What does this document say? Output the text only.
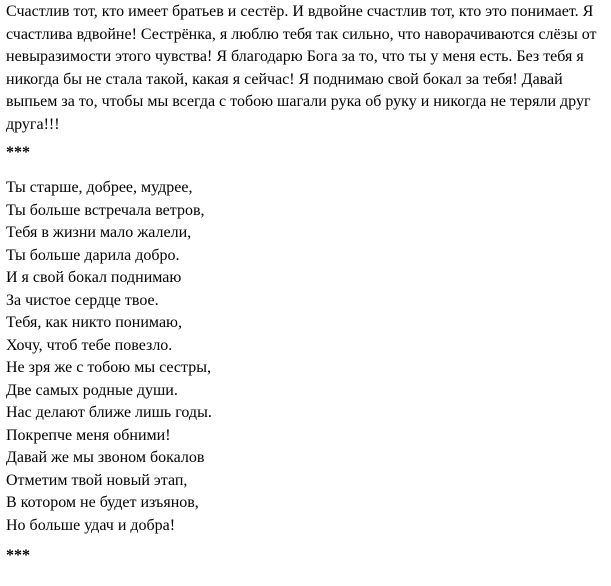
Счастлив тот, кто имеет братьев и сестёр. И вдвойне счастлив тот, кто это понимает. Я счастлива вдвойне! Сестрёнка, я люблю тебя так сильно, что наворачиваются слёзы от невыразимости этого чувства! Я благодарю Бога за то, что ты у меня есть. Без тебя я никогда бы не стала такой, какая я сейчас! Я поднимаю свой бокал за тебя! Давай выпьем за то, чтобы мы всегда с тобою шагали рука об руку и никогда не теряли друг друга!!!

***

Ты старше, добрее, мудрее,
Ты больше встречала ветров,
Тебя в жизни мало жалели,
Ты больше дарила добро.
И я свой бокал поднимаю
За чистое сердце твое.
Тебя, как никто понимаю,
Хочу, чтоб тебе повезло.
Не зря же с тобою мы сестры,
Две самых родные души.
Нас делают ближе лишь годы.
Покрепче меня обними!
Давай же мы звоном бокалов
Отметим твой новый этап,
В котором не будет изъянов,
Но больше удач и добра!

***
